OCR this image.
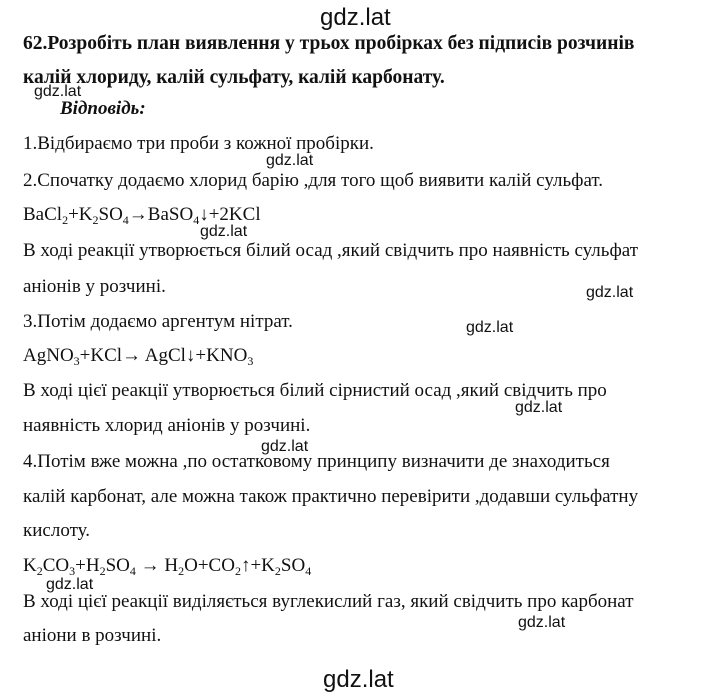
gdz.lat
gdz.lat
gdz.lat
gdz.lat
gdz.lat
gdz.lat
gdz.lat
gdz.lat
gdz.lat
gdz.lat
gdz.lat
62.Розробіть план виявлення у трьох пробірках без підписів розчинів
калій хлориду, калій сульфату, калій карбонату.
Відповідь:
1.Відбираємо три проби з кожної пробірки.
2.Спочатку додаємо хлорид барію ,для того щоб виявити калій сульфат.
$BaCl_2+K_2SO_4\to BaSO_4↓+2KCl$
В ході реакції утворюється білий осад ,який свідчить про наявність сульфат
аніонів у розчині.
3.Потім додаємо аргентум нітрат.
AgNO$_3$+KCl→ $AgCl↓+KNO_3$
В ході цієї реакції утворюється білий сірнистий осад ,який свідчить про
наявність хлорид аніонів у розчині.
4.Потім вже можна ,по остатковому принципу визначити де знаходиться
калій карбонат, але можна також практично перевірити ,додавши сульфатну
кислоту.
$K_2CO_3+H_2SO_4$ → $H_2O+CO_2↑+K_2SO_4$
В ході цієї реакції виділяється вуглекислий газ, який свідчить про карбонат
аніони в розчині.
